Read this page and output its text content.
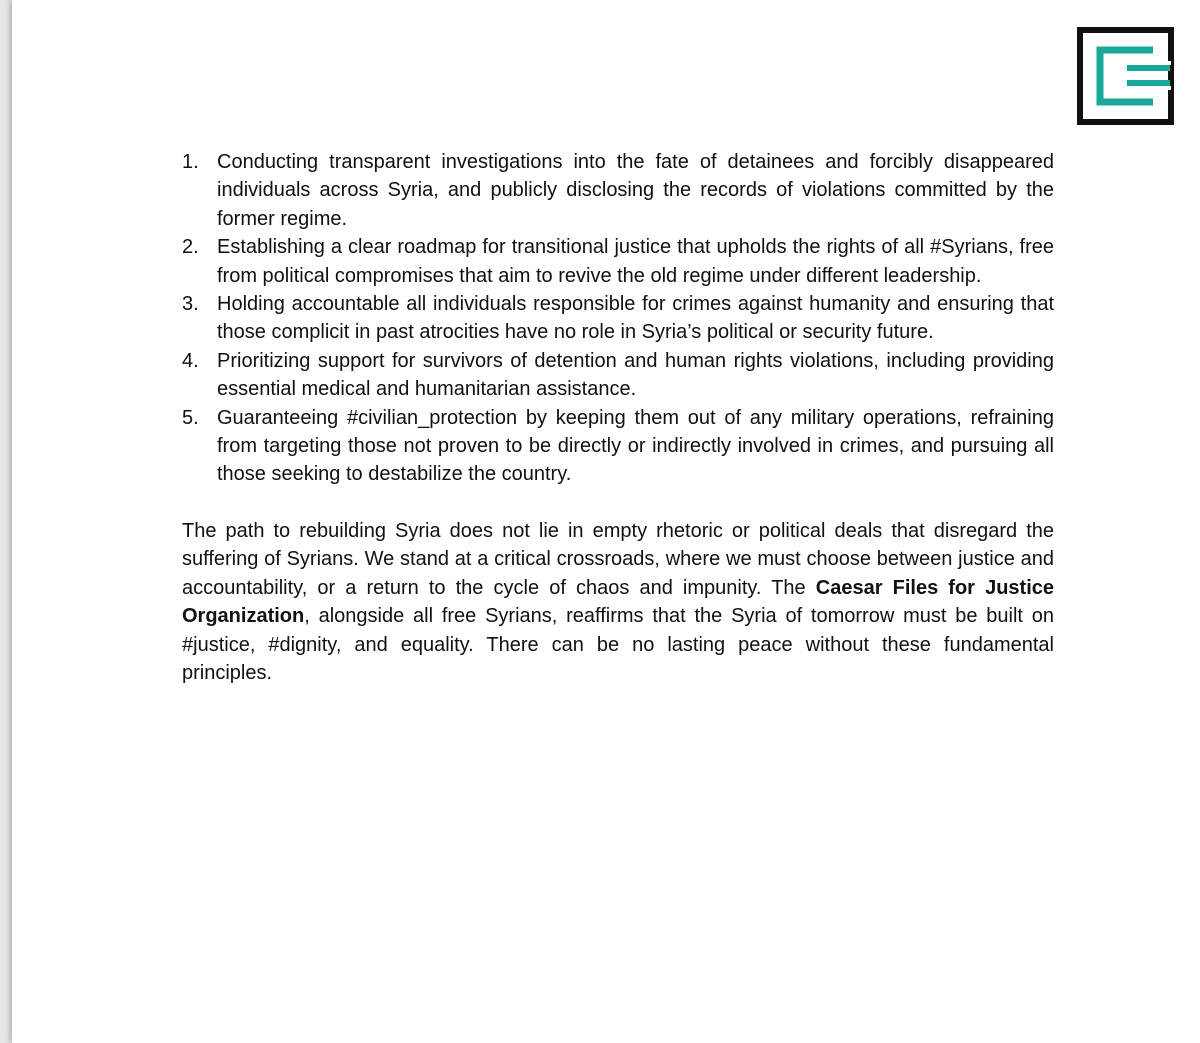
1. Conducting transparent investigations into the fate of detainees and forcibly disappeared individuals across Syria, and publicly disclosing the records of violations committed by the former regime.
2. Establishing a clear roadmap for transitional justice that upholds the rights of all #Syrians, free from political compromises that aim to revive the old regime under different leadership.
3. Holding accountable all individuals responsible for crimes against humanity and ensuring that those complicit in past atrocities have no role in Syria’s political or security future.
4. Prioritizing support for survivors of detention and human rights violations, including providing essential medical and humanitarian assistance.
5. Guaranteeing #civilian_protection by keeping them out of any military operations, refraining from targeting those not proven to be directly or indirectly involved in crimes, and pursuing all those seeking to destabilize the country.

The path to rebuilding Syria does not lie in empty rhetoric or political deals that disregard the suffering of Syrians. We stand at a critical crossroads, where we must choose between justice and accountability, or a return to the cycle of chaos and impunity. The Caesar Files for Justice Organization, alongside all free Syrians, reaffirms that the Syria of tomorrow must be built on #justice, #dignity, and equality. There can be no lasting peace without these fundamental principles.
